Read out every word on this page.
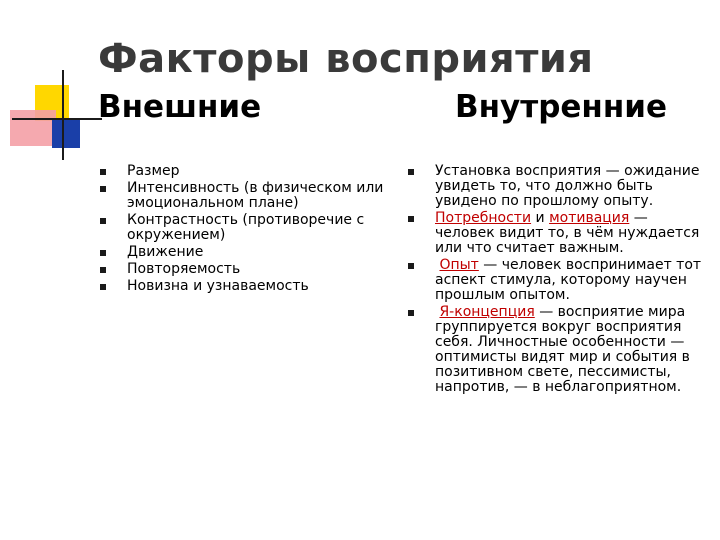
Факторы восприятия
Внешние	Внутренние
Размер
Интенсивность (в физическом или эмоциональном плане)
Контрастность (противоречие с окружением)
Движение
Повторяемость
Новизна и узнаваемость
Установка восприятия — ожидание увидеть то, что должно быть увидено по прошлому опыту.
Потребности и мотивация — человек видит то, в чём нуждается или что считает важным.
Опыт — человек воспринимает тот аспект стимула, которому научен прошлым опытом.
Я-концепция — восприятие мира группируется вокруг восприятия себя. Личностные особенности — оптимисты видят мир и события в позитивном свете, пессимисты, напротив, — в неблагоприятном.
